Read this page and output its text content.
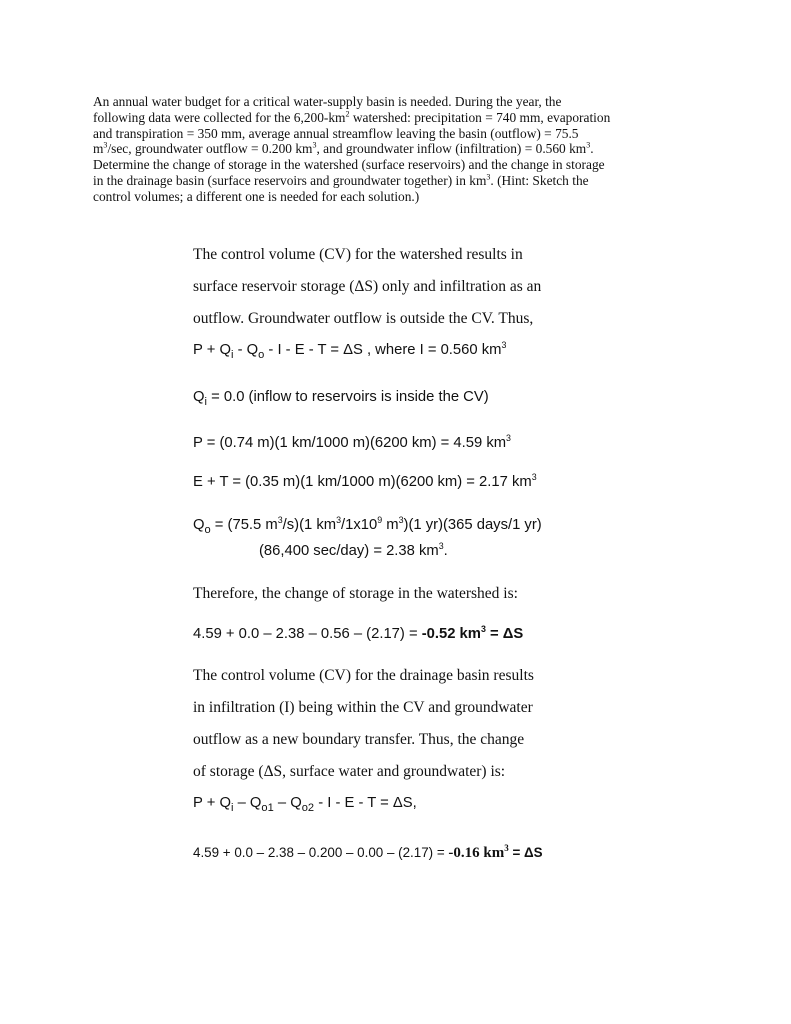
An annual water budget for a critical water-supply basin is needed. During the year, the
following data were collected for the $6,200-km^2$ watershed: precipitation = 740 mm, evaporation
and transpiration = 350 mm, average annual streamflow leaving the basin (outflow) = 75.5
$m^3/\sec$, groundwater outflow = 0.200 $km^3$, and groundwater inflow (infiltration) = 0.560 $km^3$.
Determine the change of storage in the watershed (surface reservoirs) and the change in storage
in the drainage basin (surface reservoirs and groundwater together) in $km^3$. (Hint: Sketch the
control volumes; a different one is needed for each solution.)
The control volume (CV) for the watershed results in
surface reservoir storage (ΔS) only and infiltration as an
outflow. Groundwater outflow is outside the CV. Thus,
$P + Q_i - Q_o - I - E - T = \Delta S$ , where I = 0.560 $km^3$
$Q_i = 0.0$ (inflow to reservoirs is inside the CV)
P = (0.74 m)(1 km/1000 m)(6200 km) = 4.59 $km^3$
E + T = (0.35 m)(1 km/1000 m)(6200 km) = 2.17 $km^3$
$Q_o = (75.5$ $m^3/s)(1$ $km^3/1x10^9$ $m^3)(1$ yr)(365 days/1 yr)
(86,400 sec/day) = 2.38 $km^3$.
Therefore, the change of storage in the watershed is:
4.59 + 0.0 – 2.38 – 0.56 – (2.17) = -0.52 $km^3 = \Delta S$
The control volume (CV) for the drainage basin results
in infiltration (I) being within the CV and groundwater
outflow as a new boundary transfer. Thus, the change
of storage (ΔS, surface water and groundwater) is:
$P + Q_i - Q_{o1} - Q_{o2} - I - E - T = \Delta S$,
4.59 + 0.0 – 2.38 – 0.200 – 0.00 – (2.17) = -0.16 $km^3 = \Delta S$
